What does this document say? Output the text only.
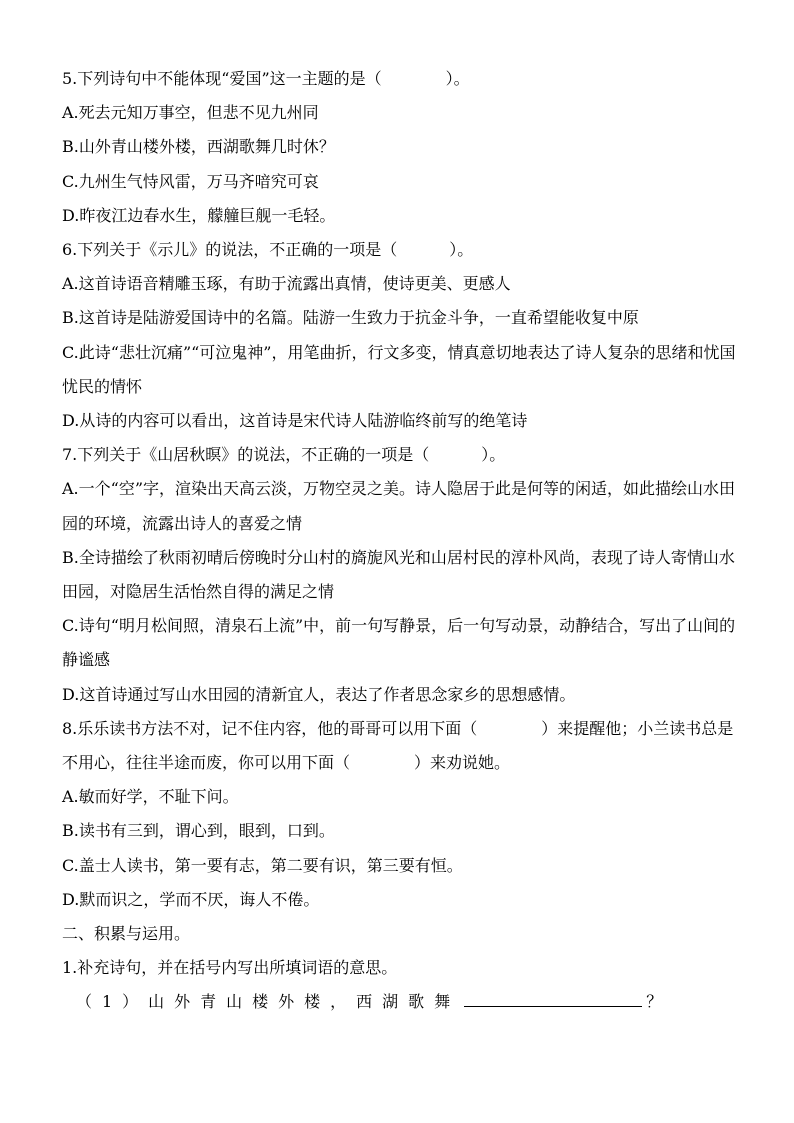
5.下列诗句中不能体现“爱国”这一主题的是（	）。
A.死去元知万事空，但悲不见九州同
B.山外青山楼外楼，西湖歌舞几时休？
C.九州生气恃风雷，万马齐喑究可哀
D.昨夜江边春水生，艨艟巨舰一毛轻。
6.下列关于《示儿》的说法，不正确的一项是（	）。
A.这首诗语音精雕玉琢，有助于流露出真情，使诗更美、更感人
B.这首诗是陆游爱国诗中的名篇。陆游一生致力于抗金斗争，一直希望能收复中原
C.此诗“悲壮沉痛”“可泣鬼神”，用笔曲折，行文多变，情真意切地表达了诗人复杂的思绪和忧国忧民的情怀
D.从诗的内容可以看出，这首诗是宋代诗人陆游临终前写的绝笔诗
7.下列关于《山居秋暝》的说法，不正确的一项是（	）。
A.一个“空”字，渲染出天高云淡，万物空灵之美。诗人隐居于此是何等的闲适，如此描绘山水田园的环境，流露出诗人的喜爱之情
B.全诗描绘了秋雨初晴后傍晚时分山村的旖旎风光和山居村民的淳朴风尚，表现了诗人寄情山水田园，对隐居生活怡然自得的满足之情
C.诗句“明月松间照，清泉石上流”中，前一句写静景，后一句写动景，动静结合，写出了山间的静谧感
D.这首诗通过写山水田园的清新宜人，表达了作者思念家乡的思想感情。
8.乐乐读书方法不对，记不住内容，他的哥哥可以用下面（	）来提醒他；小兰读书总是不用心，往往半途而废，你可以用下面（	）来劝说她。
A.敏而好学，不耻下问。
B.读书有三到，谓心到，眼到，口到。
C.盖士人读书，第一要有志，第二要有识，第三要有恒。
D.默而识之，学而不厌，诲人不倦。
二、积累与运用。
1.补充诗句，并在括号内写出所填词语的意思。
（1）山外青山楼外楼，西湖歌舞	？
